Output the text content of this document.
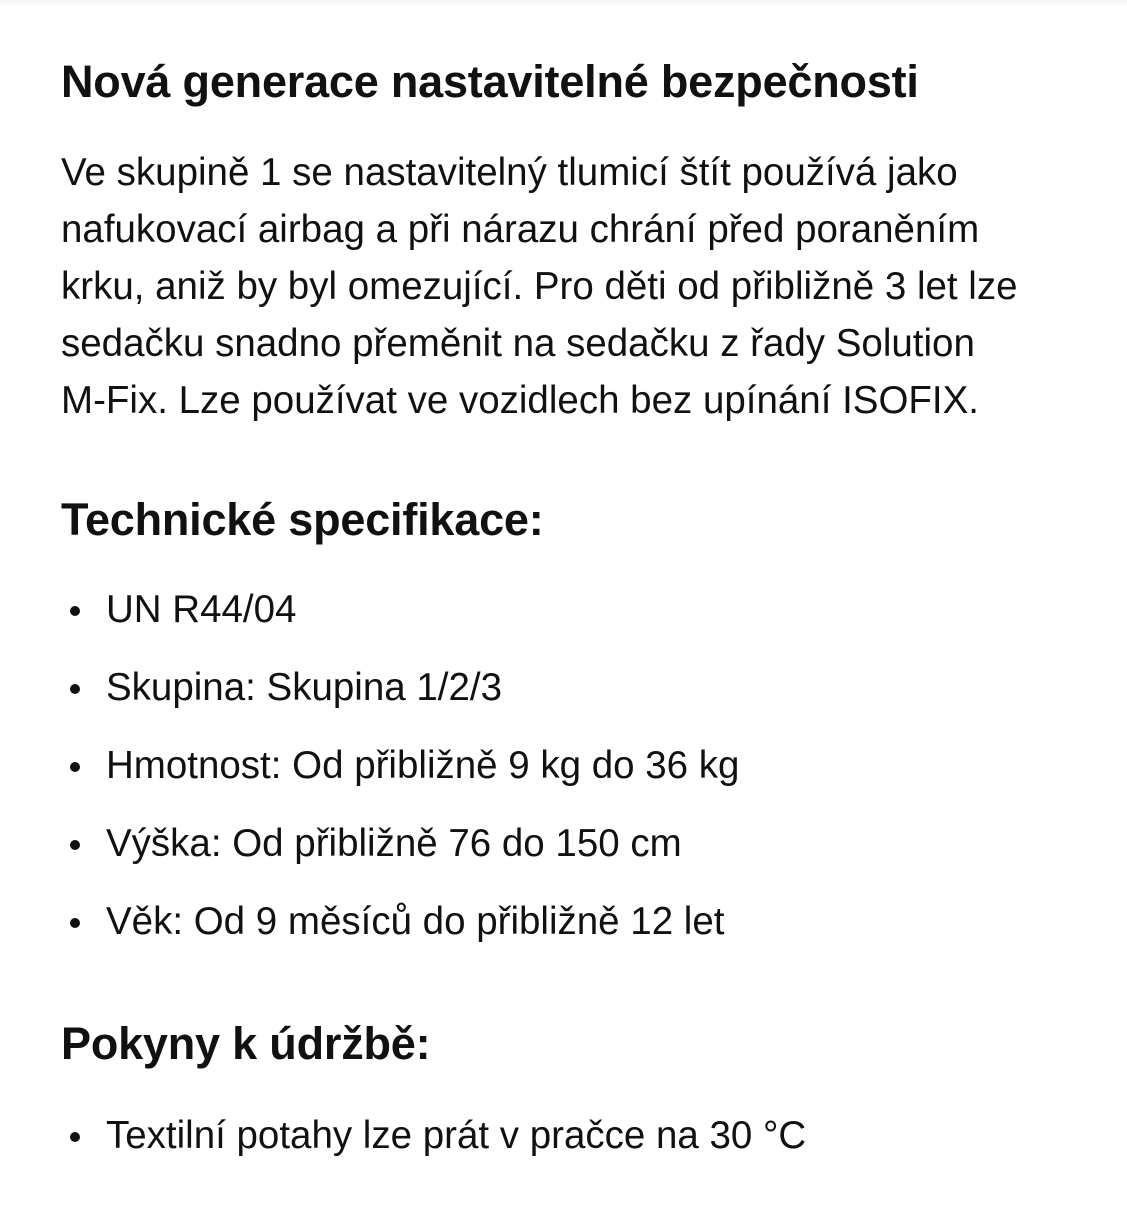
Nová generace nastavitelné bezpečnosti

Ve skupině 1 se nastavitelný tlumicí štít používá jako
nafukovací airbag a při nárazu chrání před poraněním
krku, aniž by byl omezující. Pro děti od přibližně 3 let lze
sedačku snadno přeměnit na sedačku z řady Solution
M-Fix. Lze používat ve vozidlech bez upínání ISOFIX.

Technické specifikace:
UN R44/04
Skupina: Skupina 1/2/3
Hmotnost: Od přibližně 9 kg do 36 kg
Výška: Od přibližně 76 do 150 cm
Věk: Od 9 měsíců do přibližně 12 let
Pokyny k údržbě:
Textilní potahy lze prát v pračce na 30 °C
